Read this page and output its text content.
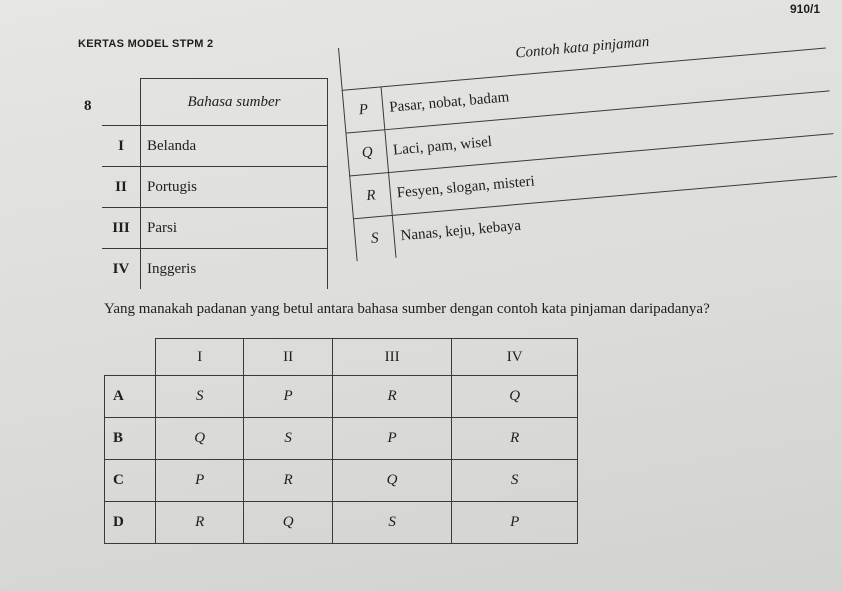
910/1
KERTAS MODEL STPM 2
8
		Bahasa sumber
I	Belanda
II	Portugis
III	Parsi
IV	Inggeris
Contoh kata pinjaman	
P	Pasar, nobat, badam
Q	Laci, pam, wisel
R	Fesyen, slogan, misteri
S	Nanas, keju, kebaya
Yang manakah padanan yang betul antara bahasa sumber dengan contoh kata pinjaman daripadanya?
	I	II	III	IV
A	S	P	R	Q
B	Q	S	P	R
C	P	R	Q	S
D	R	Q	S	P
